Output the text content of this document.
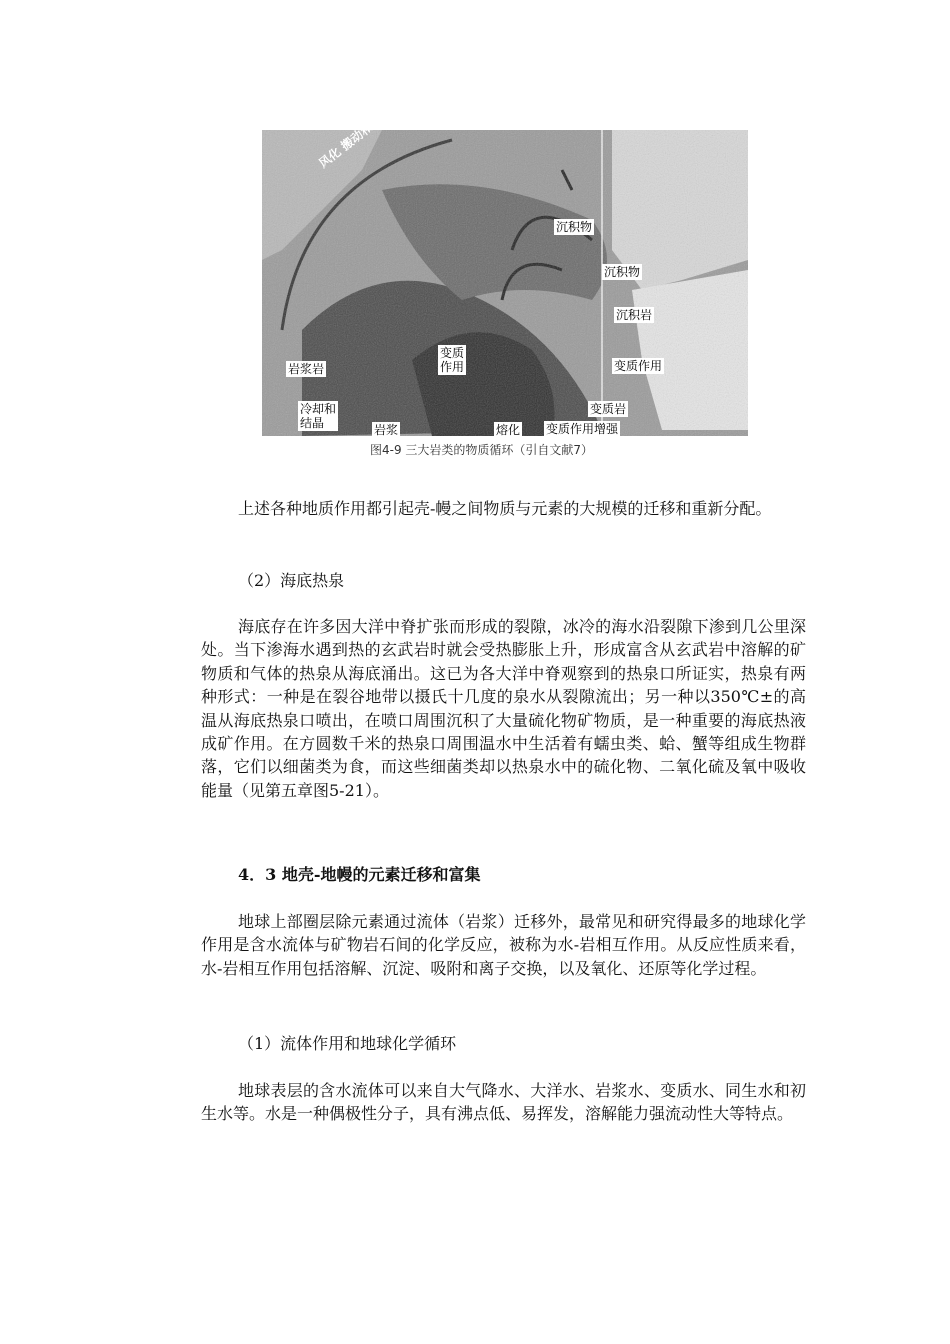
沉积物
沉积物
沉积岩
变质
作用	变质作用
岩浆岩
冷却和
结晶
变质岩
岩浆	熔化 变质作用增强
图4-9 三大岩类的物质循环（引自文献7）
上述各种地质作用都引起壳-幔之间物质与元素的大规模的迁移和重新分配。
（2）海底热泉
海底存在许多因大洋中脊扩张而形成的裂隙，冰冷的海水沿裂隙下渗到几公里深处。当下渗海水遇到热的玄武岩时就会受热膨胀上升，形成富含从玄武岩中溶解的矿物质和气体的热泉从海底涌出。这已为各大洋中脊观察到的热泉口所证实，热泉有两种形式：一种是在裂谷地带以摄氏十几度的泉水从裂隙流出；另一种以350℃±的高温从海底热泉口喷出，在喷口周围沉积了大量硫化物矿物质，是一种重要的海底热液成矿作用。在方圆数千米的热泉口周围温水中生活着有蠕虫类、蛤、蟹等组成生物群落，它们以细菌类为食，而这些细菌类却以热泉水中的硫化物、二氧化硫及氧中吸收能量（见第五章图5-21）。
4．3 地壳-地幔的元素迁移和富集
地球上部圈层除元素通过流体（岩浆）迁移外，最常见和研究得最多的地球化学作用是含水流体与矿物岩石间的化学反应，被称为水-岩相互作用。从反应性质来看，水-岩相互作用包括溶解、沉淀、吸附和离子交换，以及氧化、还原等化学过程。
（1）流体作用和地球化学循环
地球表层的含水流体可以来自大气降水、大洋水、岩浆水、变质水、同生水和初生水等。水是一种偶极性分子，具有沸点低、易挥发，溶解能力强流动性大等特点。
